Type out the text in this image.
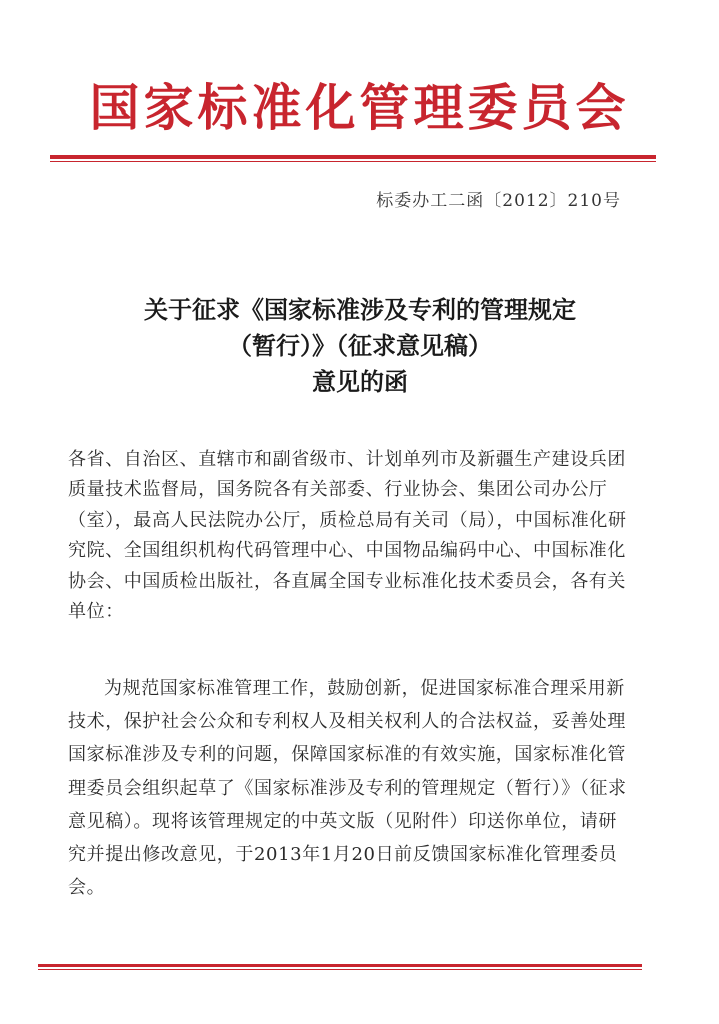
国家标准化管理委员会
标委办工二函〔2012〕210号
关于征求《国家标准涉及专利的管理规定
（暂行）》（征求意见稿）
意见的函
各省、自治区、直辖市和副省级市、计划单列市及新疆生产建设兵团质量技术监督局，国务院各有关部委、行业协会、集团公司办公厅（室），最高人民法院办公厅，质检总局有关司（局），中国标准化研究院、全国组织机构代码管理中心、中国物品编码中心、中国标准化协会、中国质检出版社，各直属全国专业标准化技术委员会，各有关单位：
为规范国家标准管理工作，鼓励创新，促进国家标准合理采用新技术，保护社会公众和专利权人及相关权利人的合法权益，妥善处理国家标准涉及专利的问题，保障国家标准的有效实施，国家标准化管理委员会组织起草了《国家标准涉及专利的管理规定（暂行）》（征求意见稿）。现将该管理规定的中英文版（见附件）印送你单位，请研究并提出修改意见，于2013年1月20日前反馈国家标准化管理委员会。
